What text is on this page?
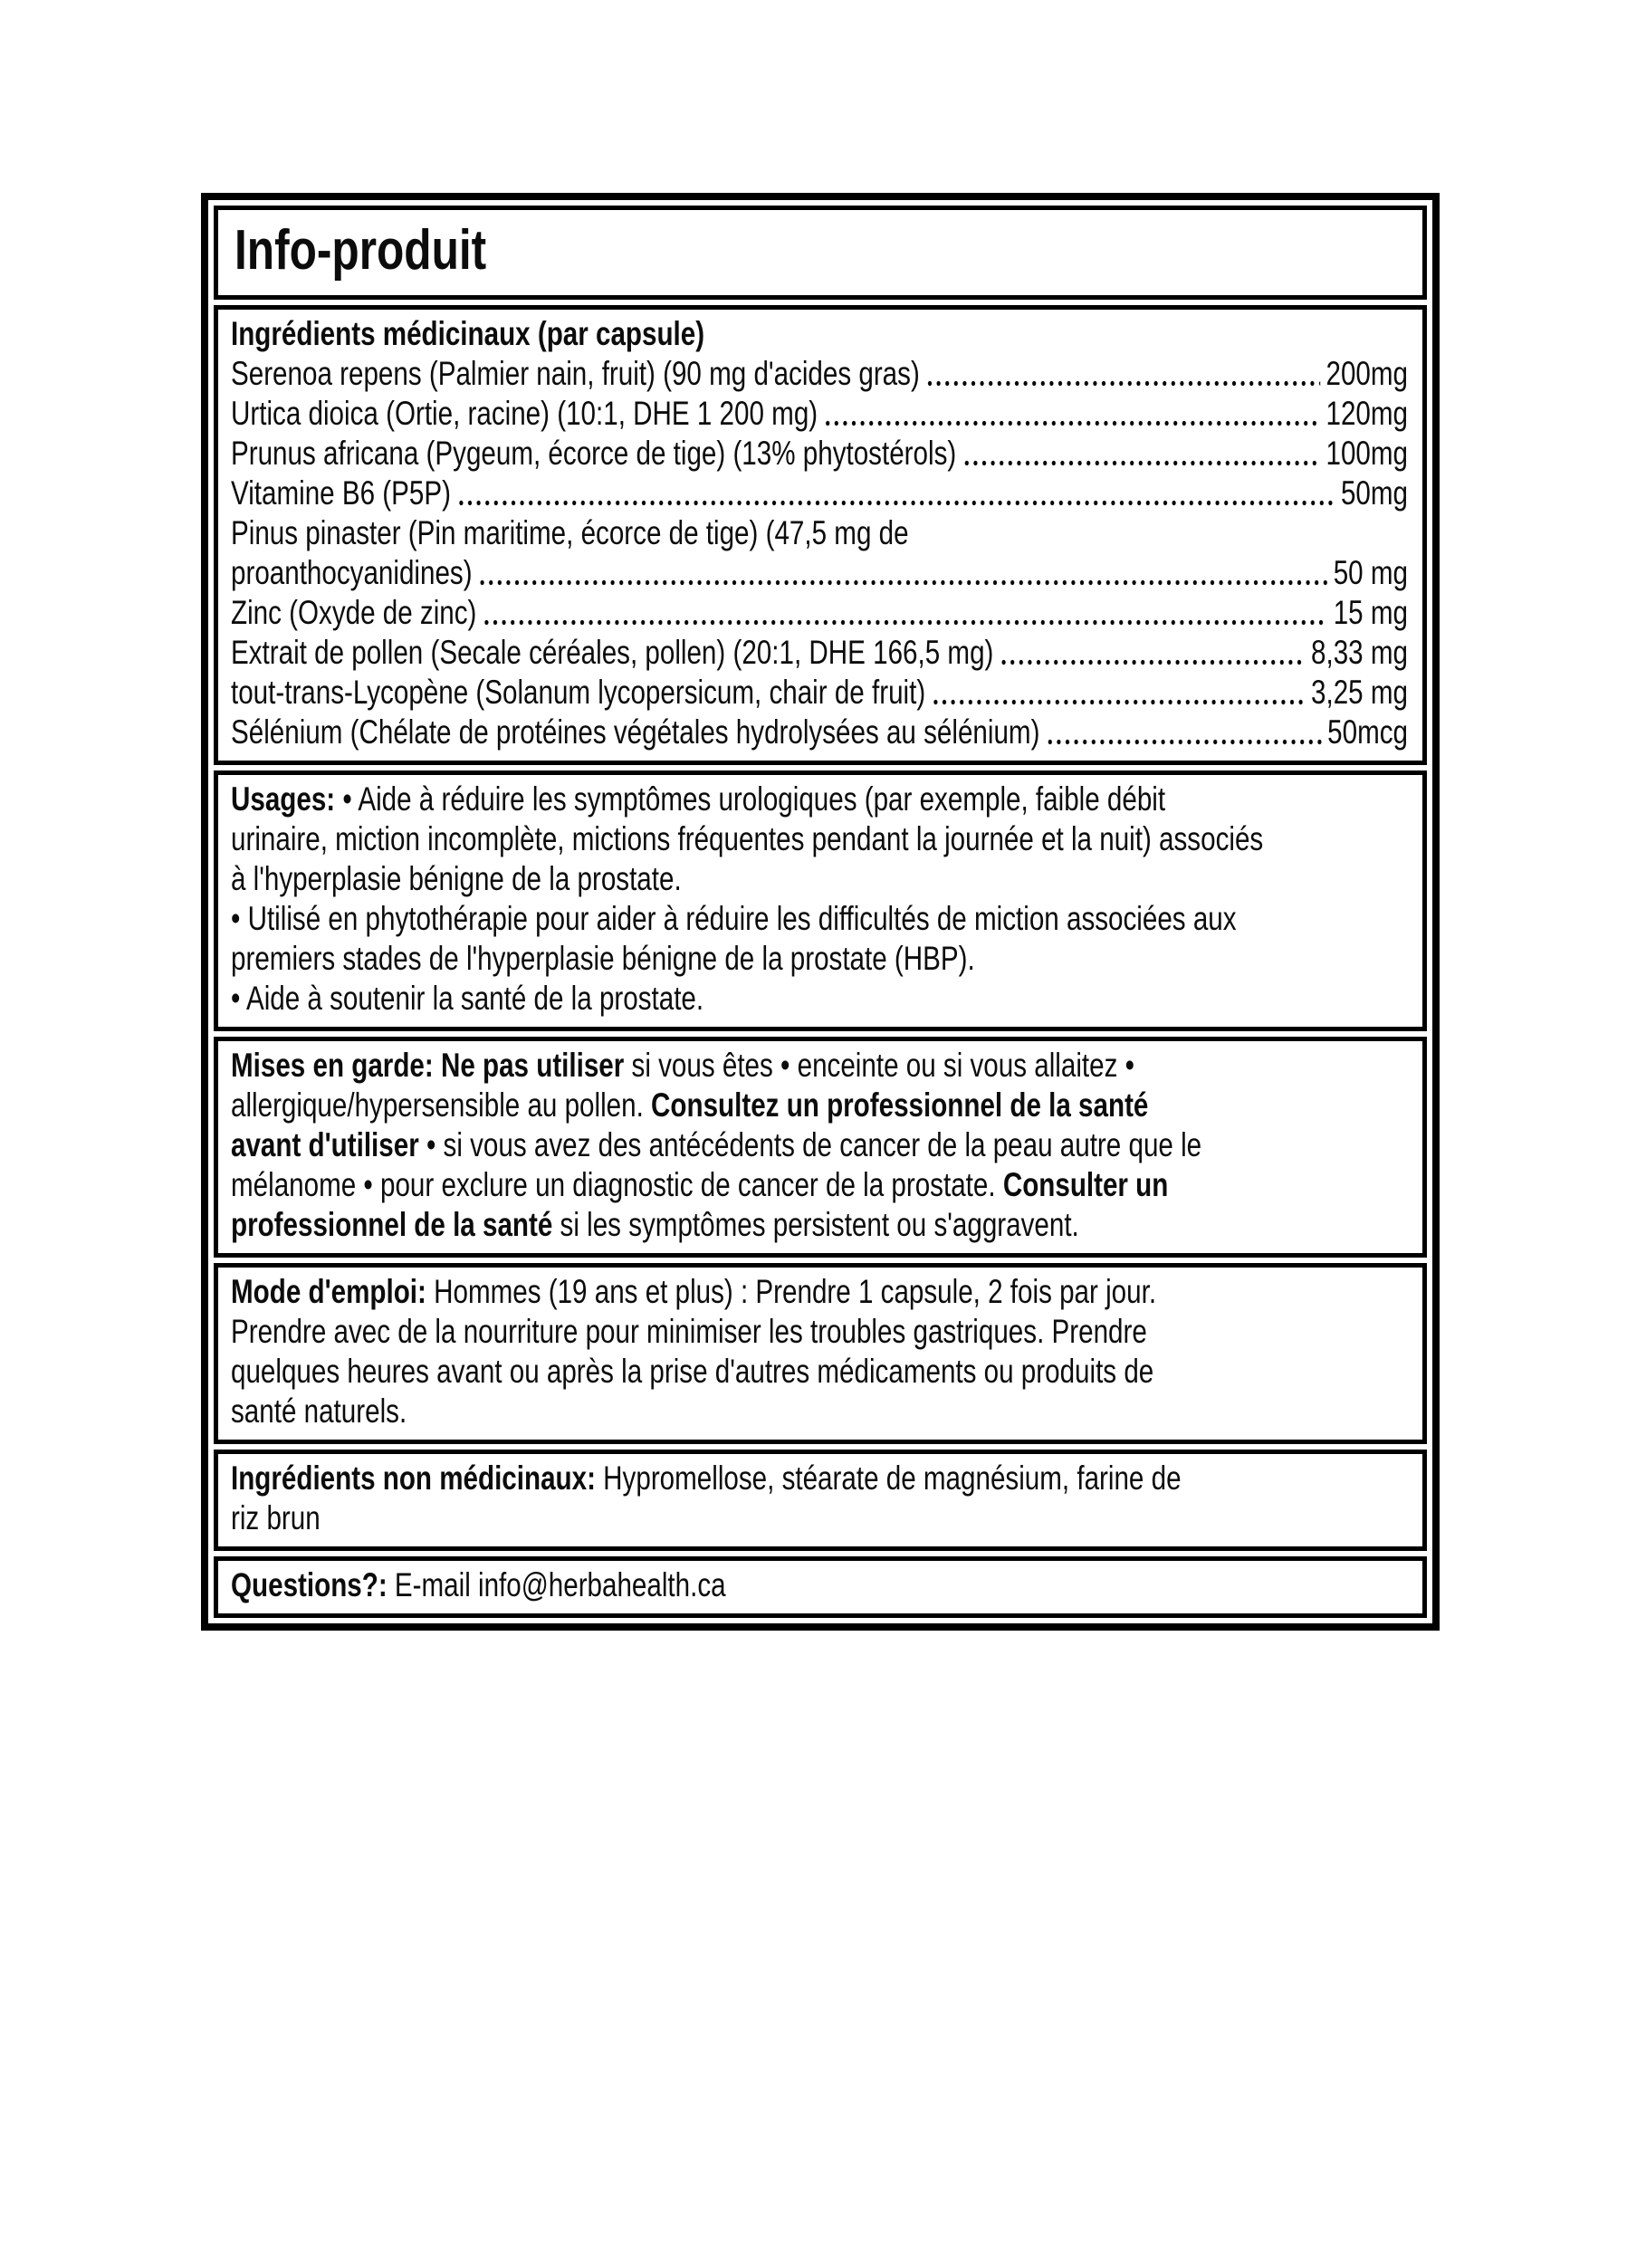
Info-produit
Ingrédients médicinaux (par capsule)
Serenoa repens (Palmier nain, fruit) (90 mg d'acides gras)	200mg
Urtica dioica (Ortie, racine) (10:1, DHE 1 200 mg)	120mg
Prunus africana (Pygeum, écorce de tige) (13% phytostérols)	100mg
Vitamine B6 (P5P)	50mg
Pinus pinaster (Pin maritime, écorce de tige) (47,5 mg de
proanthocyanidines)	50 mg
Zinc (Oxyde de zinc)	15 mg
Extrait de pollen (Secale céréales, pollen) (20:1, DHE 166,5 mg)	8,33 mg
tout-trans-Lycopène (Solanum lycopersicum, chair de fruit)	3,25 mg
Sélénium (Chélate de protéines végétales hydrolysées au sélénium)	50mcg
Usages: • Aide à réduire les symptômes urologiques (par exemple, faible débit
urinaire, miction incomplète, mictions fréquentes pendant la journée et la nuit) associés
à l'hyperplasie bénigne de la prostate.
• Utilisé en phytothérapie pour aider à réduire les difficultés de miction associées aux
premiers stades de l'hyperplasie bénigne de la prostate (HBP).
• Aide à soutenir la santé de la prostate.
Mises en garde: Ne pas utiliser si vous êtes • enceinte ou si vous allaitez •
allergique/hypersensible au pollen. Consultez un professionnel de la santé
avant d'utiliser • si vous avez des antécédents de cancer de la peau autre que le
mélanome • pour exclure un diagnostic de cancer de la prostate. Consulter un
professionnel de la santé si les symptômes persistent ou s'aggravent.
Mode d'emploi: Hommes (19 ans et plus) : Prendre 1 capsule, 2 fois par jour.
Prendre avec de la nourriture pour minimiser les troubles gastriques. Prendre
quelques heures avant ou après la prise d'autres médicaments ou produits de
santé naturels.
Ingrédients non médicinaux: Hypromellose, stéarate de magnésium, farine de
riz brun
Questions?: E-mail info@herbahealth.ca
